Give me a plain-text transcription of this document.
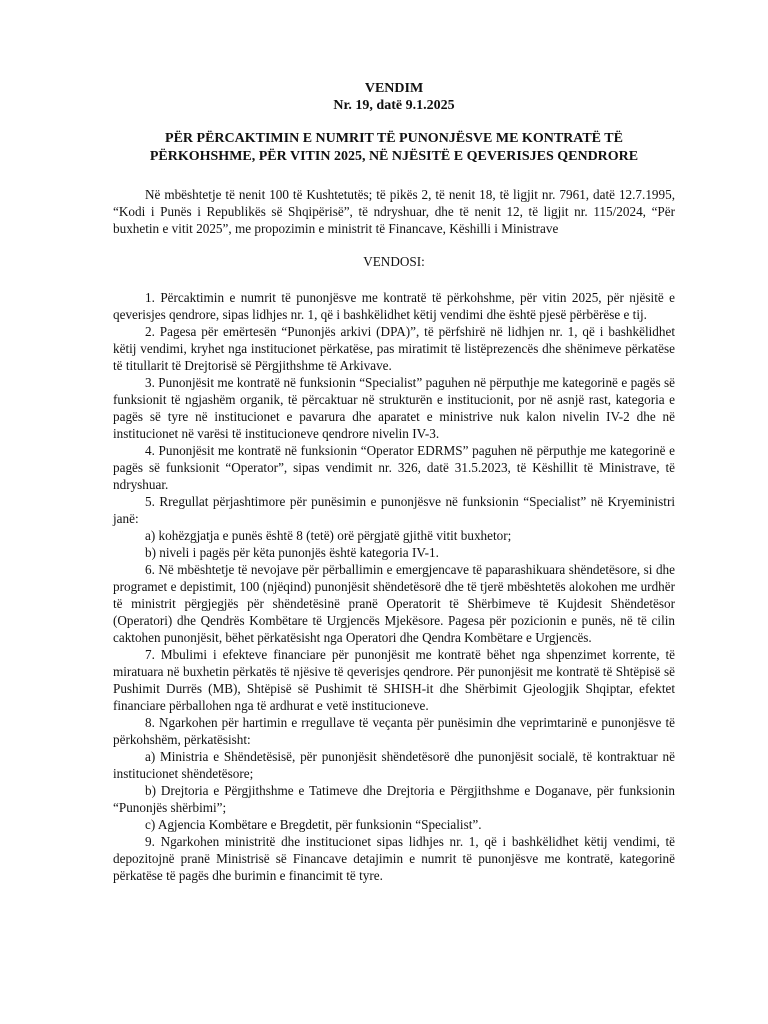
VENDIM
Nr. 19, datë 9.1.2025
PËR PËRCAKTIMIN E NUMRIT TË PUNONJËSVE ME KONTRATË TË PËRKOHSHME, PËR VITIN 2025, NË NJËSITË E QEVERISJES QENDRORE

Në mbështetje të nenit 100 të Kushtetutës; të pikës 2, të nenit 18, të ligjit nr. 7961, datë 12.7.1995, “Kodi i Punës i Republikës së Shqipërisë”, të ndryshuar, dhe të nenit 12, të ligjit nr. 115/2024, “Për buxhetin e vitit 2025”, me propozimin e ministrit të Financave, Këshilli i Ministrave

VENDOSI:

1. Përcaktimin e numrit të punonjësve me kontratë të përkohshme, për vitin 2025, për njësitë e qeverisjes qendrore, sipas lidhjes nr. 1, që i bashkëlidhet këtij vendimi dhe është pjesë përbërëse e tij.

2. Pagesa për emërtesën “Punonjës arkivi (DPA)”, të përfshirë në lidhjen nr. 1, që i bashkëlidhet këtij vendimi, kryhet nga institucionet përkatëse, pas miratimit të listëprezencës dhe shënimeve përkatëse të titullarit të Drejtorisë së Përgjithshme të Arkivave.

3. Punonjësit me kontratë në funksionin “Specialist” paguhen në përputhje me kategorinë e pagës së funksionit të ngjashëm organik, të përcaktuar në strukturën e institucionit, por në asnjë rast, kategoria e pagës së tyre në institucionet e pavarura dhe aparatet e ministrive nuk kalon nivelin IV-2 dhe në institucionet në varësi të institucioneve qendrore nivelin IV-3.

4. Punonjësit me kontratë në funksionin “Operator EDRMS” paguhen në përputhje me kategorinë e pagës së funksionit “Operator”, sipas vendimit nr. 326, datë 31.5.2023, të Këshillit të Ministrave, të ndryshuar.

5. Rregullat përjashtimore për punësimin e punonjësve në funksionin “Specialist” në Kryeministri janë:

a) kohëzgjatja e punës është 8 (tetë) orë përgjatë gjithë vitit buxhetor;

b) niveli i pagës për këta punonjës është kategoria IV-1.

6. Në mbështetje të nevojave për përballimin e emergjencave të paparashikuara shëndetësore, si dhe programet e depistimit, 100 (njëqind) punonjësit shëndetësorë dhe të tjerë mbështetës alokohen me urdhër të ministrit përgjegjës për shëndetësinë pranë Operatorit të Shërbimeve të Kujdesit Shëndetësor (Operatori) dhe Qendrës Kombëtare të Urgjencës Mjekësore. Pagesa për pozicionin e punës, në të cilin caktohen punonjësit, bëhet përkatësisht nga Operatori dhe Qendra Kombëtare e Urgjencës.

7. Mbulimi i efekteve financiare për punonjësit me kontratë bëhet nga shpenzimet korrente, të miratuara në buxhetin përkatës të njësive të qeverisjes qendrore. Për punonjësit me kontratë të Shtëpisë së Pushimit Durrës (MB), Shtëpisë së Pushimit të SHISH-it dhe Shërbimit Gjeologjik Shqiptar, efektet financiare përballohen nga të ardhurat e vetë institucioneve.

8. Ngarkohen për hartimin e rregullave të veçanta për punësimin dhe veprimtarinë e punonjësve të përkohshëm, përkatësisht:

a) Ministria e Shëndetësisë, për punonjësit shëndetësorë dhe punonjësit socialë, të kontraktuar në institucionet shëndetësore;

b) Drejtoria e Përgjithshme e Tatimeve dhe Drejtoria e Përgjithshme e Doganave, për funksionin “Punonjës shërbimi”;

c) Agjencia Kombëtare e Bregdetit, për funksionin “Specialist”.

9. Ngarkohen ministritë dhe institucionet sipas lidhjes nr. 1, që i bashkëlidhet këtij vendimi, të depozitojnë pranë Ministrisë së Financave detajimin e numrit të punonjësve me kontratë, kategorinë përkatëse të pagës dhe burimin e financimit të tyre.
